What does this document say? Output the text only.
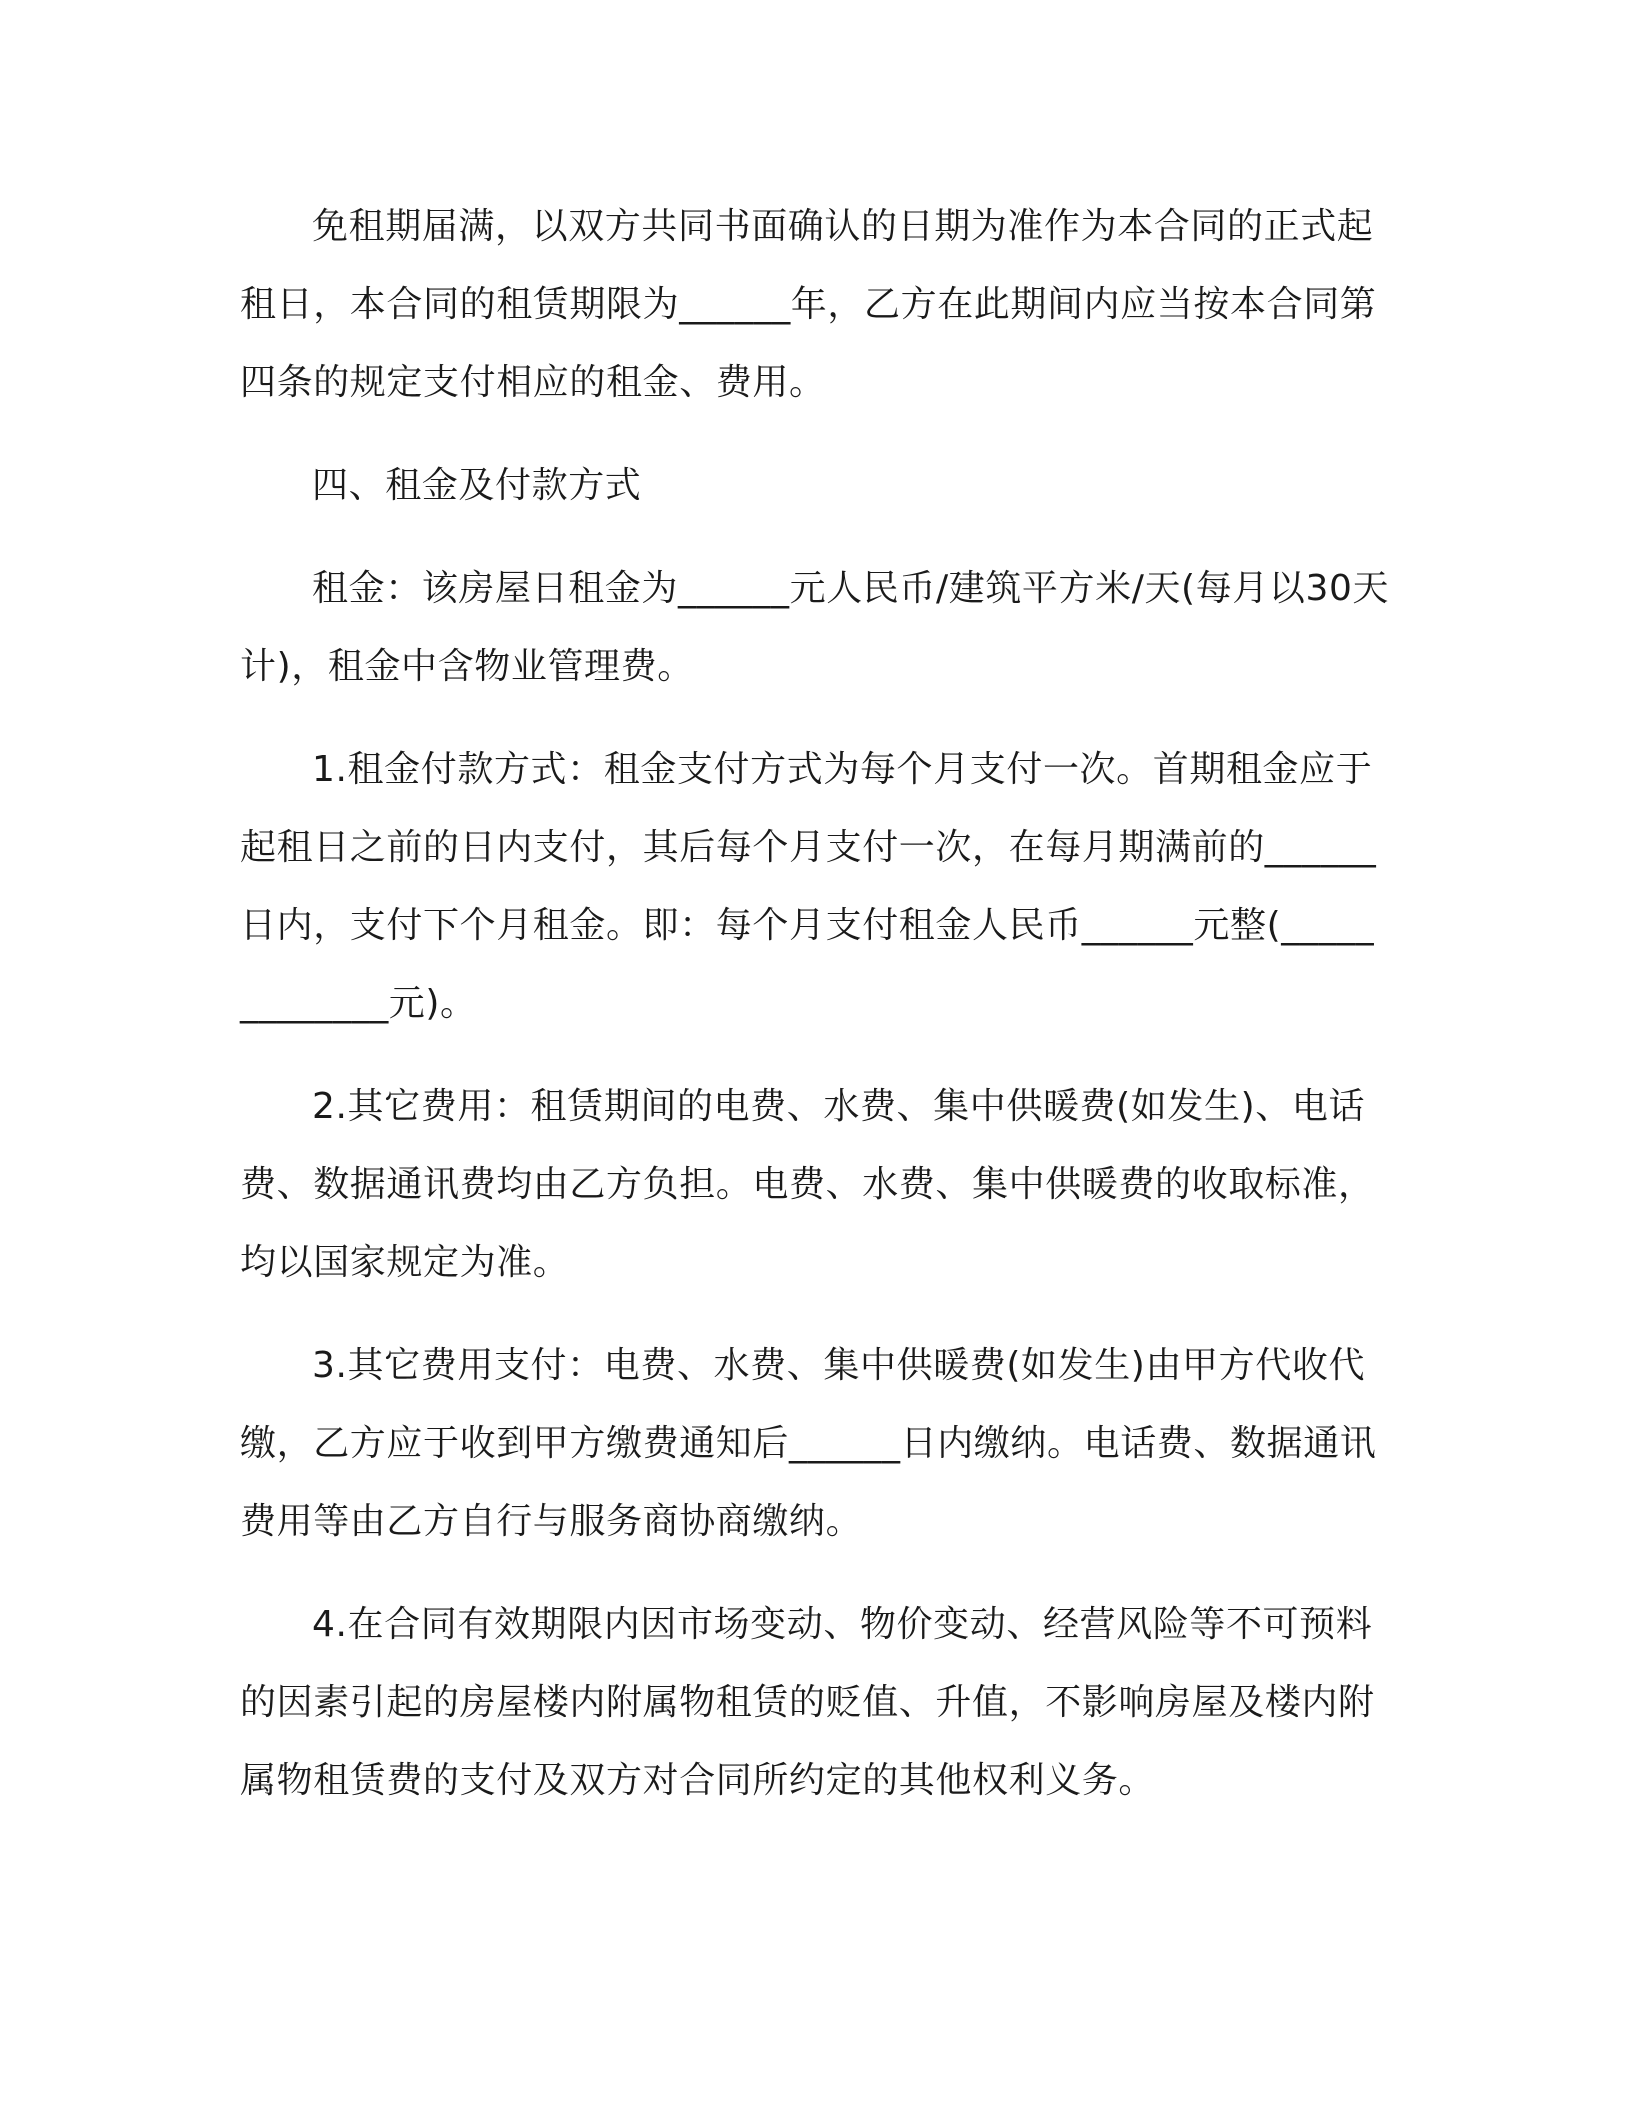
免租期届满，以双方共同书面确认的日期为准作为本合同的正式起租日，本合同的租赁期限为______年，乙方在此期间内应当按本合同第四条的规定支付相应的租金、费用。

四、租金及付款方式

租金：该房屋日租金为______元人民币/建筑平方米/天(每月以30天计)，租金中含物业管理费。

1.租金付款方式：租金支付方式为每个月支付一次。首期租金应于起租日之前的日内支付，其后每个月支付一次，在每月期满前的______日内，支付下个月租金。即：每个月支付租金人民币______元整(_____________元)。

2.其它费用：租赁期间的电费、水费、集中供暖费(如发生)、电话费、数据通讯费均由乙方负担。电费、水费、集中供暖费的收取标准，均以国家规定为准。

3.其它费用支付：电费、水费、集中供暖费(如发生)由甲方代收代缴，乙方应于收到甲方缴费通知后______日内缴纳。电话费、数据通讯费用等由乙方自行与服务商协商缴纳。

4.在合同有效期限内因市场变动、物价变动、经营风险等不可预料的因素引起的房屋楼内附属物租赁的贬值、升值，不影响房屋及楼内附属物租赁费的支付及双方对合同所约定的其他权利义务。
